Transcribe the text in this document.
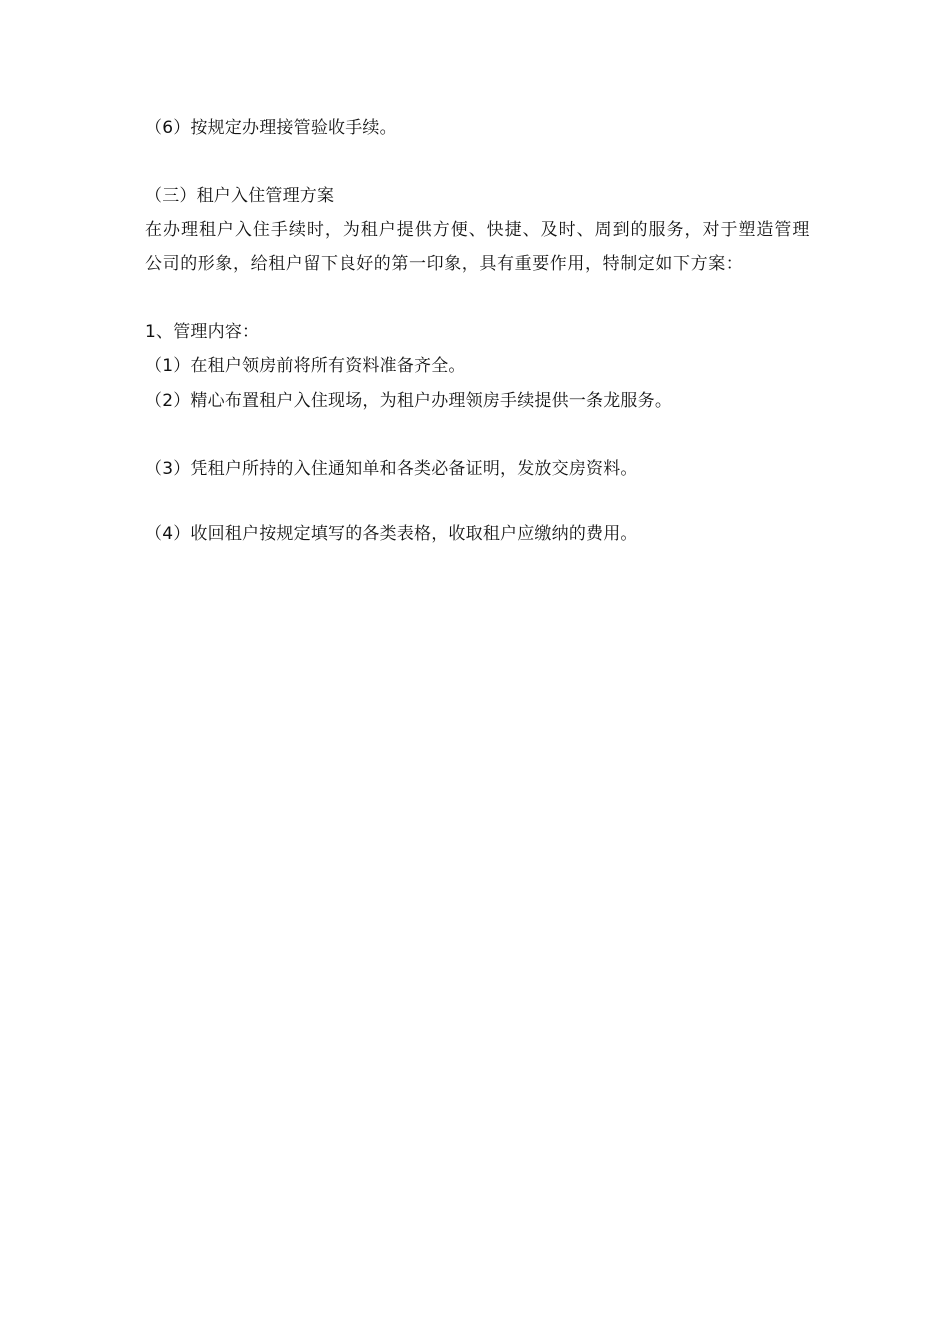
（6）按规定办理接管验收手续。
（三）租户入住管理方案
在办理租户入住手续时，为租户提供方便、快捷、及时、周到的服务，对于塑造管理公司的形象，给租户留下良好的第一印象，具有重要作用，特制定如下方案：
1、管理内容：
（1）在租户领房前将所有资料准备齐全。
（2）精心布置租户入住现场，为租户办理领房手续提供一条龙服务。
（3）凭租户所持的入住通知单和各类必备证明，发放交房资料。
（4）收回租户按规定填写的各类表格，收取租户应缴纳的费用。
